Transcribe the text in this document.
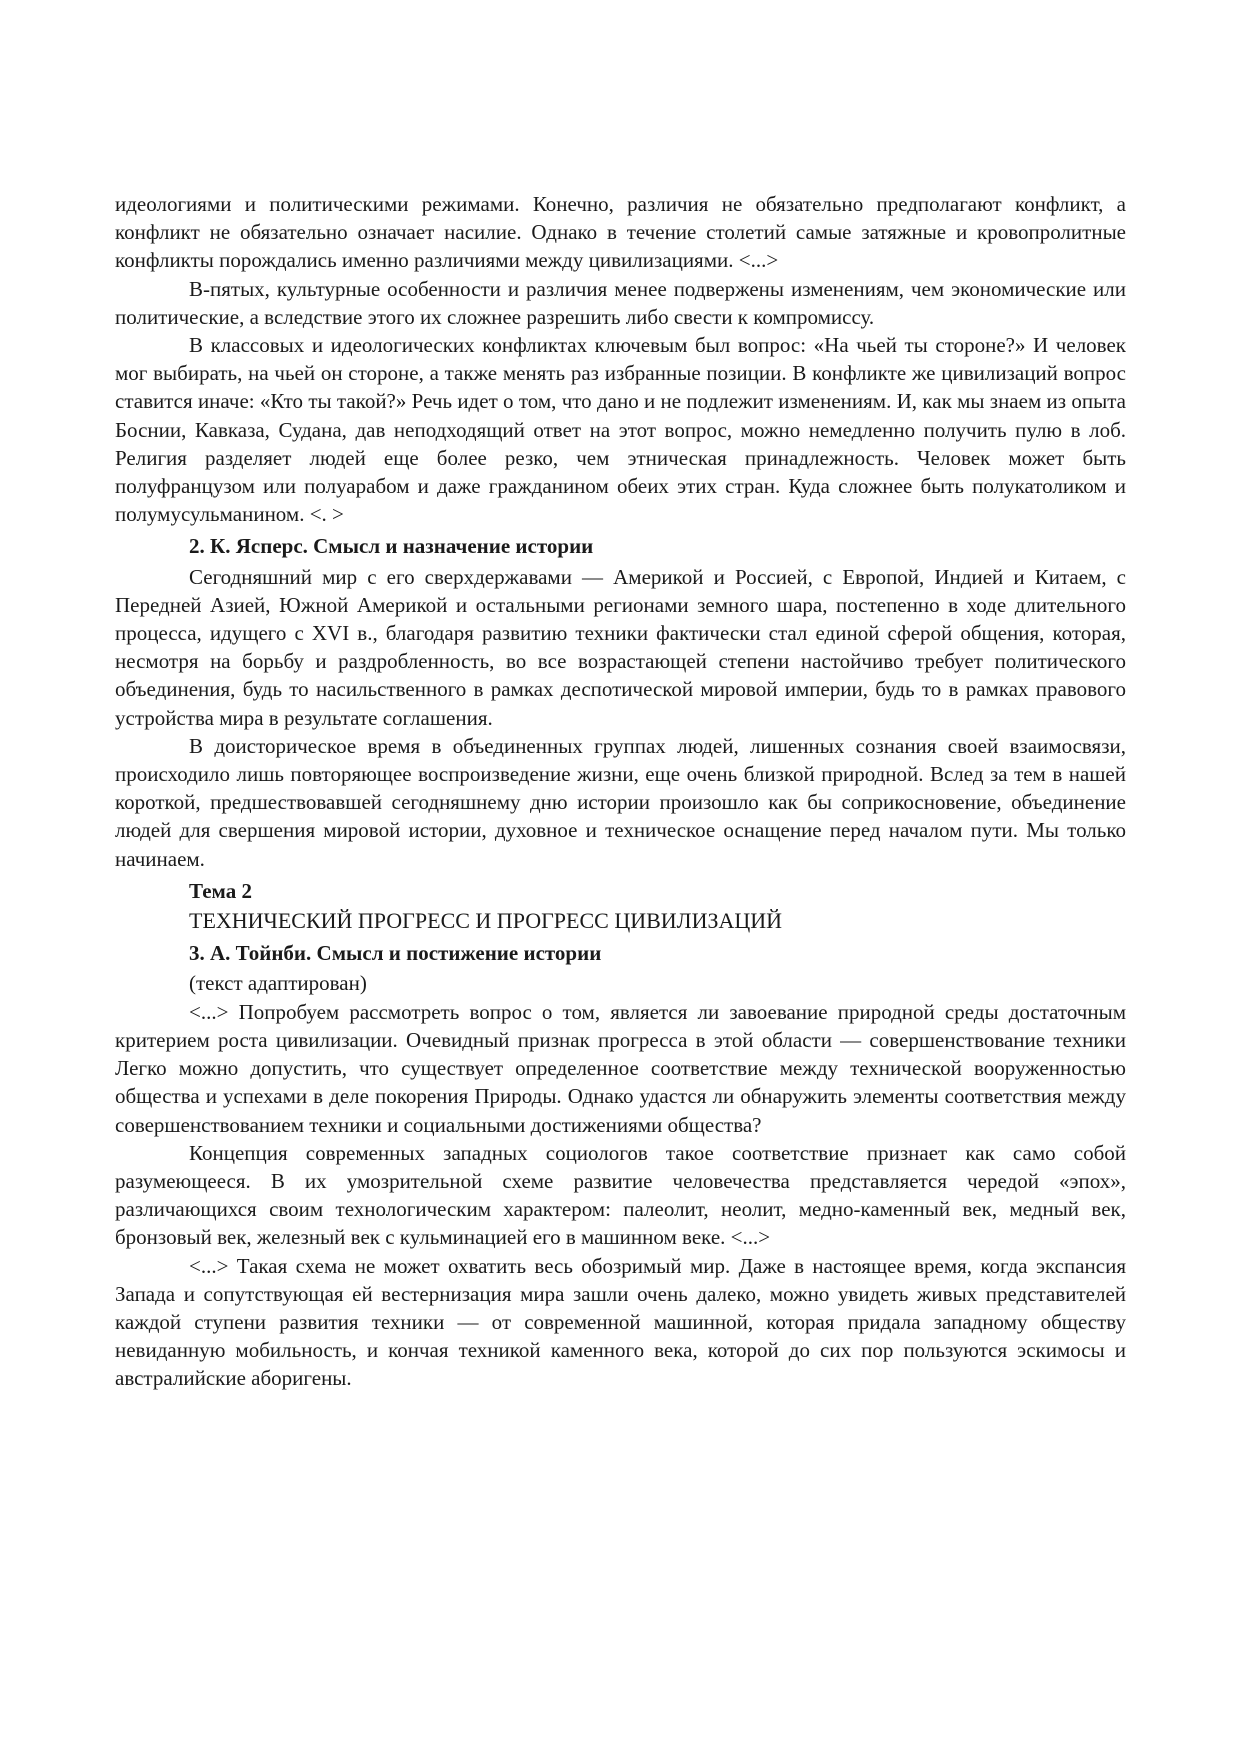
идеологиями и политическими режимами. Конечно, различия не обязательно предполагают конфликт, а конфликт не обязательно означает насилие. Однако в течение столетий самые затяжные и кровопролитные конфликты порождались именно различиями между цивилизациями. <...>

В-пятых, культурные особенности и различия менее подвержены изменениям, чем экономические или политические, а вследствие этого их сложнее разрешить либо свести к компромиссу.

В классовых и идеологических конфликтах ключевым был вопрос: «На чьей ты стороне?» И человек мог выбирать, на чьей он стороне, а также менять раз избранные позиции. В конфликте же цивилизаций вопрос ставится иначе: «Кто ты такой?» Речь идет о том, что дано и не подлежит изменениям. И, как мы знаем из опыта Боснии, Кавказа, Судана, дав неподходящий ответ на этот вопрос, можно немедленно получить пулю в лоб. Религия разделяет людей еще более резко, чем этническая принадлежность. Человек может быть полуфранцузом или полуарабом и даже гражданином обеих этих стран. Куда сложнее быть полукатоликом и полумусульманином. <. >

2. К. Ясперс. Смысл и назначение истории

Сегодняшний мир с его сверхдержавами — Америкой и Россией, с Европой, Индией и Китаем, с Передней Азией, Южной Америкой и остальными регионами земного шара, постепенно в ходе длительного процесса, идущего с XVI в., благодаря развитию техники фактически стал единой сферой общения, которая, несмотря на борьбу и раздробленность, во все возрастающей степени настойчиво требует политического объединения, будь то насильственного в рамках деспотической мировой империи, будь то в рамках правового устройства мира в результате соглашения.

В доисторическое время в объединенных группах людей, лишенных сознания своей взаимосвязи, происходило лишь повторяющее воспроизведение жизни, еще очень близкой природной. Вслед за тем в нашей короткой, предшествовавшей сегодняшнему дню истории произошло как бы соприкосновение, объединение людей для свершения мировой истории, духовное и техническое оснащение перед началом пути. Мы только начинаем.

Тема 2

ТЕХНИЧЕСКИЙ ПРОГРЕСС И ПРОГРЕСС ЦИВИЛИЗАЦИЙ

3. А. Тойнби. Смысл и постижение истории

(текст адаптирован)

<...> Попробуем рассмотреть вопрос о том, является ли завоевание природной среды достаточным критерием роста цивилизации. Очевидный признак прогресса в этой области — совершенствование техники Легко можно допустить, что существует определенное соответствие между технической вооруженностью общества и успехами в деле покорения Природы. Однако удастся ли обнаружить элементы соответствия между совершенствованием техники и социальными достижениями общества?

Концепция современных западных социологов такое соответствие признает как само собой разумеющееся. В их умозрительной схеме развитие человечества представляется чередой «эпох», различающихся своим технологическим характером: палеолит, неолит, медно-каменный век, медный век, бронзовый век, железный век с кульминацией его в машинном веке. <...>

<...> Такая схема не может охватить весь обозримый мир. Даже в настоящее время, когда экспансия Запада и сопутствующая ей вестернизация мира зашли очень далеко, можно увидеть живых представителей каждой ступени развития техники — от современной машинной, которая придала западному обществу невиданную мобильность, и кончая техникой каменного века, которой до сих пор пользуются эскимосы и австралийские аборигены.
